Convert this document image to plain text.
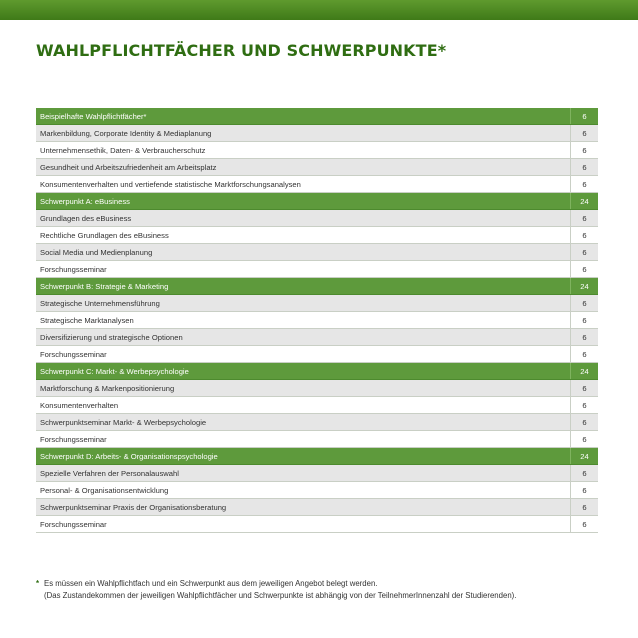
WAHLPFLICHTFÄCHER UND SCHWERPUNKTE*
Beispielhafte Wahlpflichtfächer*	6
Markenbildung, Corporate Identity & Mediaplanung	6
Unternehmensethik, Daten- & Verbraucherschutz	6
Gesundheit und Arbeitszufriedenheit am Arbeitsplatz	6
Konsumentenverhalten und vertiefende statistische Marktforschungsanalysen	6
Schwerpunkt A: eBusiness	24
Grundlagen des eBusiness	6
Rechtliche Grundlagen des eBusiness	6
Social Media und Medienplanung	6
Forschungsseminar	6
Schwerpunkt B: Strategie & Marketing	24
Strategische Unternehmensführung	6
Strategische Marktanalysen	6
Diversifizierung und strategische Optionen	6
Forschungsseminar	6
Schwerpunkt C: Markt- & Werbepsychologie	24
Marktforschung & Markenpositionierung	6
Konsumentenverhalten	6
Schwerpunktseminar Markt- & Werbepsychologie	6
Forschungsseminar	6
Schwerpunkt D: Arbeits- & Organisationspsychologie	24
Spezielle Verfahren der Personalauswahl	6
Personal- & Organisationsentwicklung	6
Schwerpunktseminar Praxis der Organisationsberatung	6
Forschungsseminar	6
* Es müssen ein Wahlpflichtfach und ein Schwerpunkt aus dem jeweiligen Angebot belegt werden.
(Das Zustandekommen der jeweiligen Wahlpflichtfächer und Schwerpunkte ist abhängig von der TeilnehmerInnenzahl der Studierenden).
